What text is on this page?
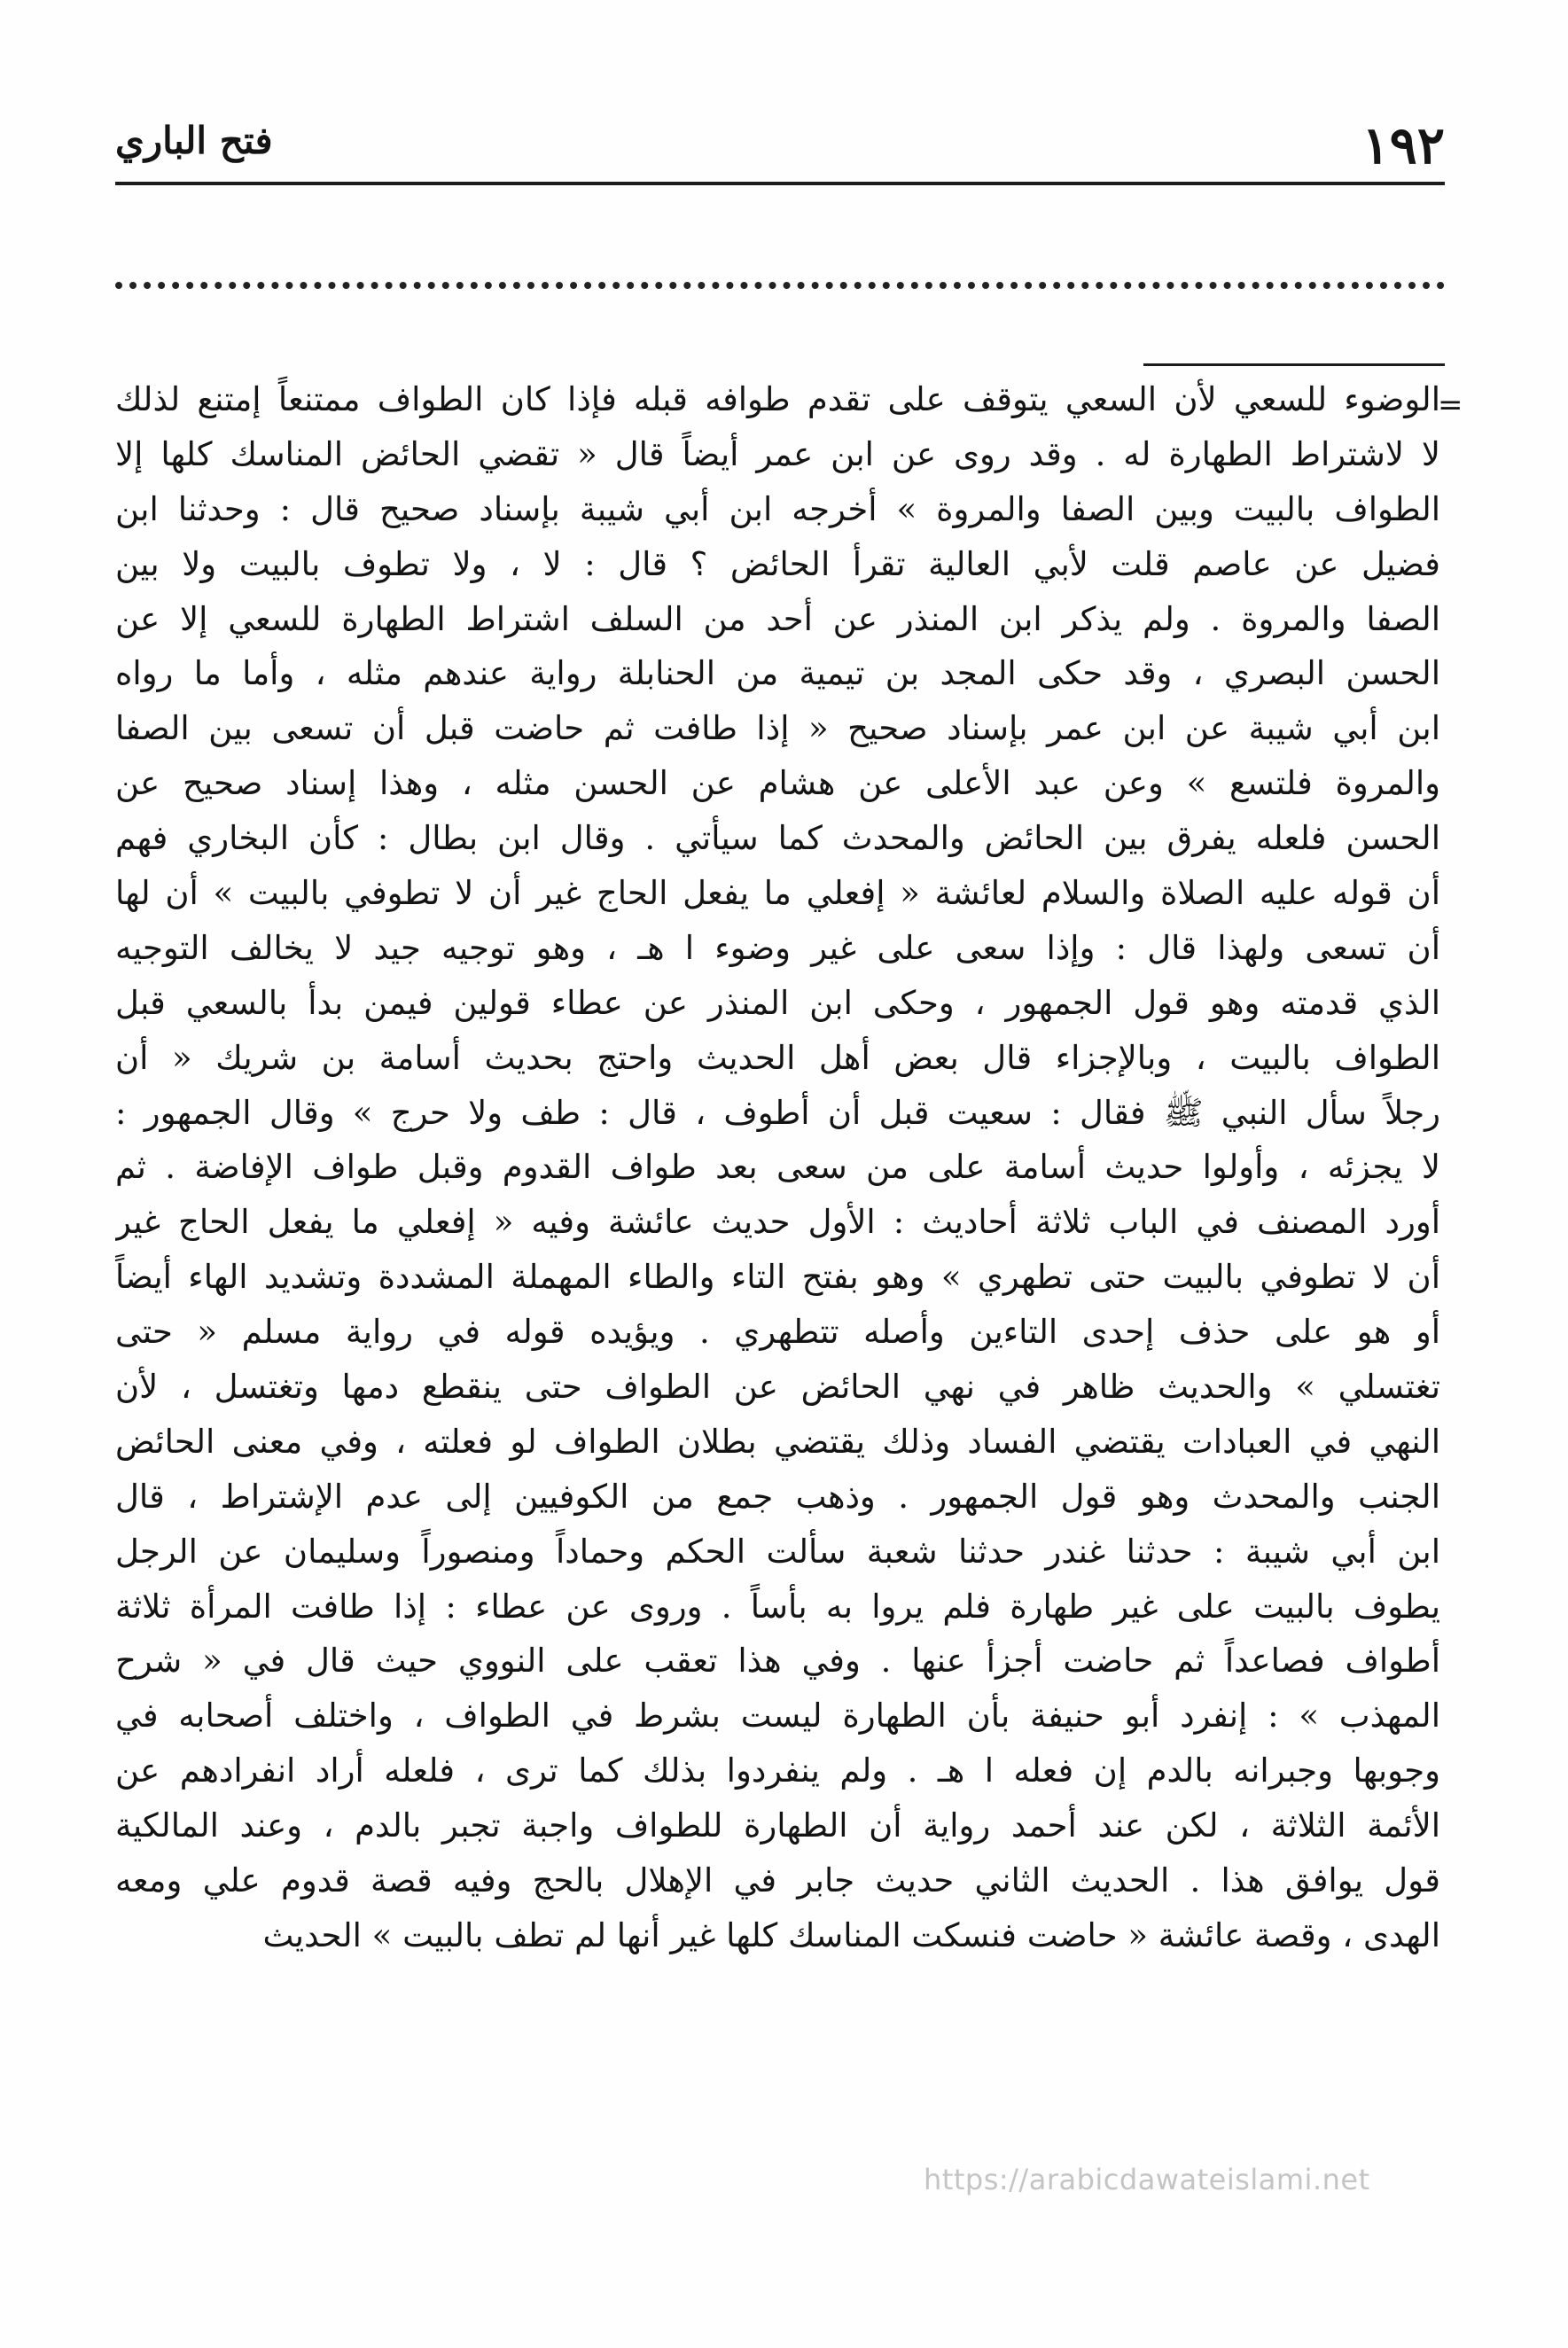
١٩٢
فتح الباري
=
الوضوء للسعي لأن السعي يتوقف على تقدم طوافه قبله فإذا كان الطواف ممتنعاً إمتنع لذلك
لا لاشتراط الطهارة له . وقد روى عن ابن عمر أيضاً قال « تقضي الحائض المناسك كلها إلا
الطواف بالبيت وبين الصفا والمروة » أخرجه ابن أبي شيبة بإسناد صحيح قال : وحدثنا ابن
فضيل عن عاصم قلت لأبي العالية تقرأ الحائض ؟ قال : لا ، ولا تطوف بالبيت ولا بين
الصفا والمروة . ولم يذكر ابن المنذر عن أحد من السلف اشتراط الطهارة للسعي إلا عن
الحسن البصري ، وقد حكى المجد بن تيمية من الحنابلة رواية عندهم مثله ، وأما ما رواه
ابن أبي شيبة عن ابن عمر بإسناد صحيح « إذا طافت ثم حاضت قبل أن تسعى بين الصفا
والمروة فلتسع » وعن عبد الأعلى عن هشام عن الحسن مثله ، وهذا إسناد صحيح عن
الحسن فلعله يفرق بين الحائض والمحدث كما سيأتي . وقال ابن بطال : كأن البخاري فهم
أن قوله عليه الصلاة والسلام لعائشة « إفعلي ما يفعل الحاج غير أن لا تطوفي بالبيت » أن لها
أن تسعى ولهذا قال : وإذا سعى على غير وضوء ا هـ ، وهو توجيه جيد لا يخالف التوجيه
الذي قدمته وهو قول الجمهور ، وحكى ابن المنذر عن عطاء قولين فيمن بدأ بالسعي قبل
الطواف بالبيت ، وبالإجزاء قال بعض أهل الحديث واحتج بحديث أسامة بن شريك « أن
رجلاً سأل النبي ﷺ فقال : سعيت قبل أن أطوف ، قال : طف ولا حرج » وقال الجمهور :
لا يجزئه ، وأولوا حديث أسامة على من سعى بعد طواف القدوم وقبل طواف الإفاضة . ثم
أورد المصنف في الباب ثلاثة أحاديث : الأول حديث عائشة وفيه « إفعلي ما يفعل الحاج غير
أن لا تطوفي بالبيت حتى تطهري » وهو بفتح التاء والطاء المهملة المشددة وتشديد الهاء أيضاً
أو هو على حذف إحدى التاءين وأصله تتطهري . ويؤيده قوله في رواية مسلم « حتى
تغتسلي » والحديث ظاهر في نهي الحائض عن الطواف حتى ينقطع دمها وتغتسل ، لأن
النهي في العبادات يقتضي الفساد وذلك يقتضي بطلان الطواف لو فعلته ، وفي معنى الحائض
الجنب والمحدث وهو قول الجمهور . وذهب جمع من الكوفيين إلى عدم الإشتراط ، قال
ابن أبي شيبة : حدثنا غندر حدثنا شعبة سألت الحكم وحماداً ومنصوراً وسليمان عن الرجل
يطوف بالبيت على غير طهارة فلم يروا به بأساً . وروى عن عطاء : إذا طافت المرأة ثلاثة
أطواف فصاعداً ثم حاضت أجزأ عنها . وفي هذا تعقب على النووي حيث قال في « شرح
المهذب » : إنفرد أبو حنيفة بأن الطهارة ليست بشرط في الطواف ، واختلف أصحابه في
وجوبها وجبرانه بالدم إن فعله ا هـ . ولم ينفردوا بذلك كما ترى ، فلعله أراد انفرادهم عن
الأئمة الثلاثة ، لكن عند أحمد رواية أن الطهارة للطواف واجبة تجبر بالدم ، وعند المالكية
قول يوافق هذا . الحديث الثاني حديث جابر في الإهلال بالحج وفيه قصة قدوم علي ومعه
الهدى ، وقصة عائشة « حاضت فنسكت المناسك كلها غير أنها لم تطف بالبيت » الحديث
https://arabicdawateislami.net
